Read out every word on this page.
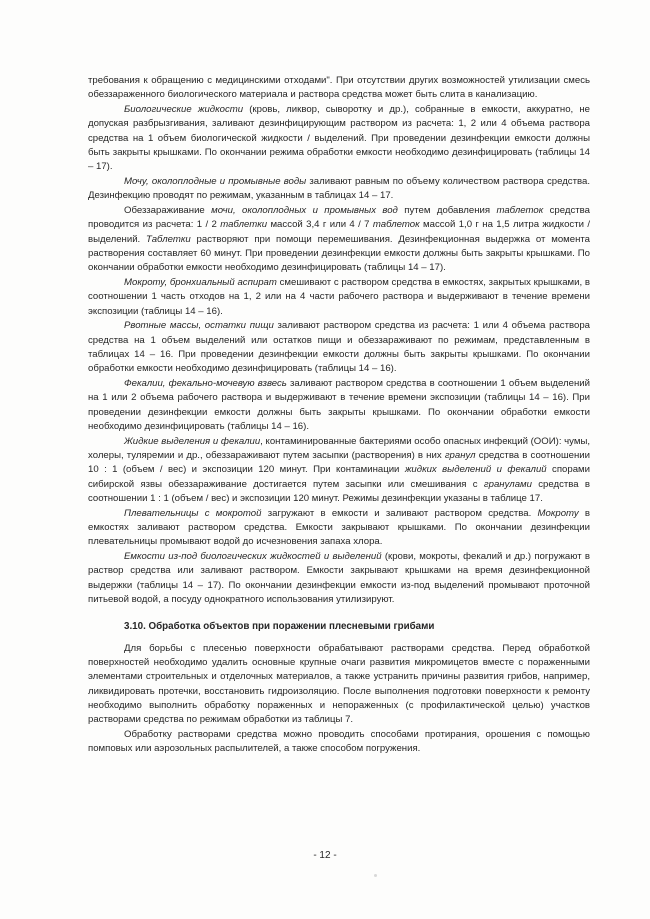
требования к обращению с медицинскими отходами". При отсутствии других возможностей утилизации смесь обеззараженного биологического материала и раствора средства может быть слита в канализацию.

Биологические жидкости (кровь, ликвор, сыворотку и др.), собранные в емкости, аккуратно, не допуская разбрызгивания, заливают дезинфицирующим раствором из расчета: 1, 2 или 4 объема раствора средства на 1 объем биологической жидкости / выделений. При проведении дезинфекции емкости должны быть закрыты крышками. По окончании режима обработки емкости необходимо дезинфицировать (таблицы 14 – 17).

Мочу, околоплодные и промывные воды заливают равным по объему количеством раствора средства. Дезинфекцию проводят по режимам, указанным в таблицах 14 – 17.

Обеззараживание мочи, околоплодных и промывных вод путем добавления таблеток средства проводится из расчета: 1 / 2 таблетки массой 3,4 г или 4 / 7 таблеток массой 1,0 г на 1,5 литра жидкости / выделений. Таблетки растворяют при помощи перемешивания. Дезинфекционная выдержка от момента растворения составляет 60 минут. При проведении дезинфекции емкости должны быть закрыты крышками. По окончании обработки емкости необходимо дезинфицировать (таблицы 14 – 17).

Мокроту, бронхиальный аспират смешивают с раствором средства в емкостях, закрытых крышками, в соотношении 1 часть отходов на 1, 2 или на 4 части рабочего раствора и выдерживают в течение времени экспозиции (таблицы 14 – 16).

Рвотные массы, остатки пищи заливают раствором средства из расчета: 1 или 4 объема раствора средства на 1 объем выделений или остатков пищи и обеззараживают по режимам, представленным в таблицах 14 – 16. При проведении дезинфекции емкости должны быть закрыты крышками. По окончании обработки емкости необходимо дезинфицировать (таблицы 14 – 16).

Фекалии, фекально-мочевую взвесь заливают раствором средства в соотношении 1 объем выделений на 1 или 2 объема рабочего раствора и выдерживают в течение времени экспозиции (таблицы 14 – 16). При проведении дезинфекции емкости должны быть закрыты крышками. По окончании обработки емкости необходимо дезинфицировать (таблицы 14 – 16).

Жидкие выделения и фекалии, контаминированные бактериями особо опасных инфекций (ООИ): чумы, холеры, туляремии и др., обеззараживают путем засыпки (растворения) в них гранул средства в соотношении 10 : 1 (объем / вес) и экспозиции 120 минут. При контаминации жидких выделений и фекалий спорами сибирской язвы обеззараживание достигается путем засыпки или смешивания с гранулами средства в соотношении 1 : 1 (объем / вес) и экспозиции 120 минут. Режимы дезинфекции указаны в таблице 17.

Плевательницы с мокротой загружают в емкости и заливают раствором средства. Мокроту в емкостях заливают раствором средства. Емкости закрывают крышками. По окончании дезинфекции плевательницы промывают водой до исчезновения запаха хлора.

Емкости из-под биологических жидкостей и выделений (крови, мокроты, фекалий и др.) погружают в раствор средства или заливают раствором. Емкости закрывают крышками на время дезинфекционной выдержки (таблицы 14 – 17). По окончании дезинфекции емкости из-под выделений промывают проточной питьевой водой, а посуду однократного использования утилизируют.

3.10. Обработка объектов при поражении плесневыми грибами

Для борьбы с плесенью поверхности обрабатывают растворами средства. Перед обработкой поверхностей необходимо удалить основные крупные очаги развития микромицетов вместе с пораженными элементами строительных и отделочных материалов, а также устранить причины развития грибов, например, ликвидировать протечки, восстановить гидроизоляцию. После выполнения подготовки поверхности к ремонту необходимо выполнить обработку пораженных и непораженных (с профилактической целью) участков растворами средства по режимам обработки из таблицы 7.

Обработку растворами средства можно проводить способами протирания, орошения с помощью помповых или аэрозольных распылителей, а также способом погружения.

- 12 -
